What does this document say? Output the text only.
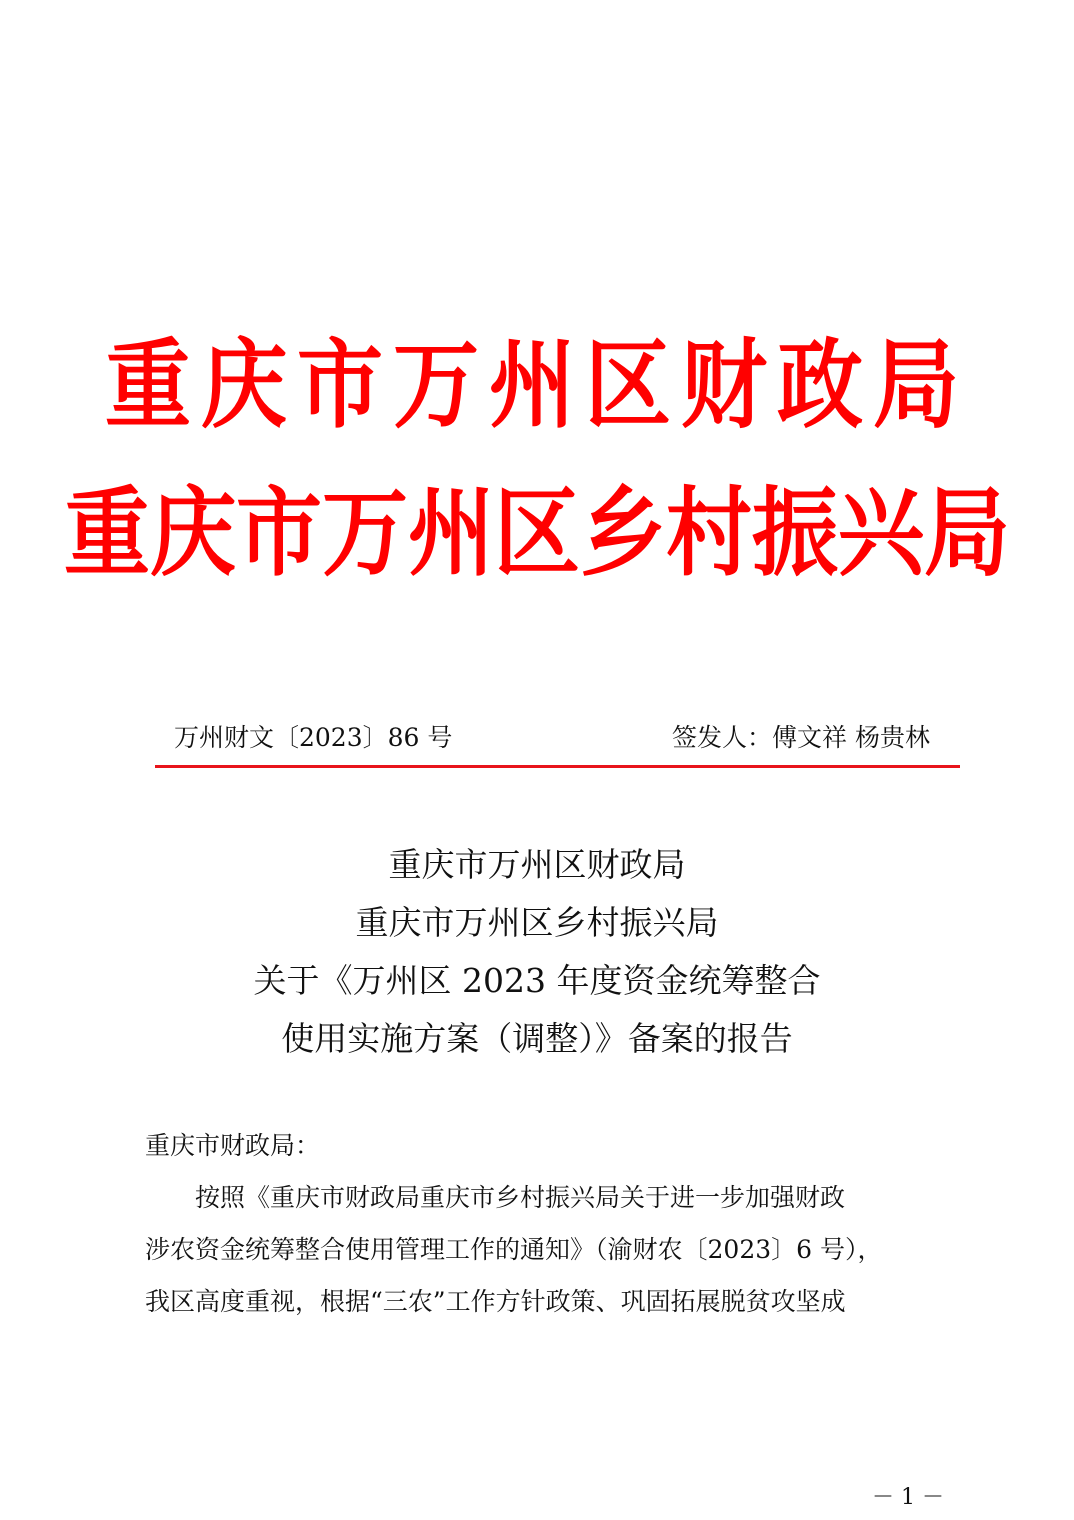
重庆市万州区财政局
重庆市万州区乡村振兴局
万州财文〔2023〕86 号	签发人：傅文祥 杨贵林
重庆市万州区财政局
重庆市万州区乡村振兴局
关于《万州区 2023 年度资金统筹整合
使用实施方案（调整）》备案的报告
重庆市财政局：
　　按照《重庆市财政局重庆市乡村振兴局关于进一步加强财政
涉农资金统筹整合使用管理工作的通知》（渝财农〔2023〕6 号），
我区高度重视，根据“三农”工作方针政策、巩固拓展脱贫攻坚成
－ 1 －
